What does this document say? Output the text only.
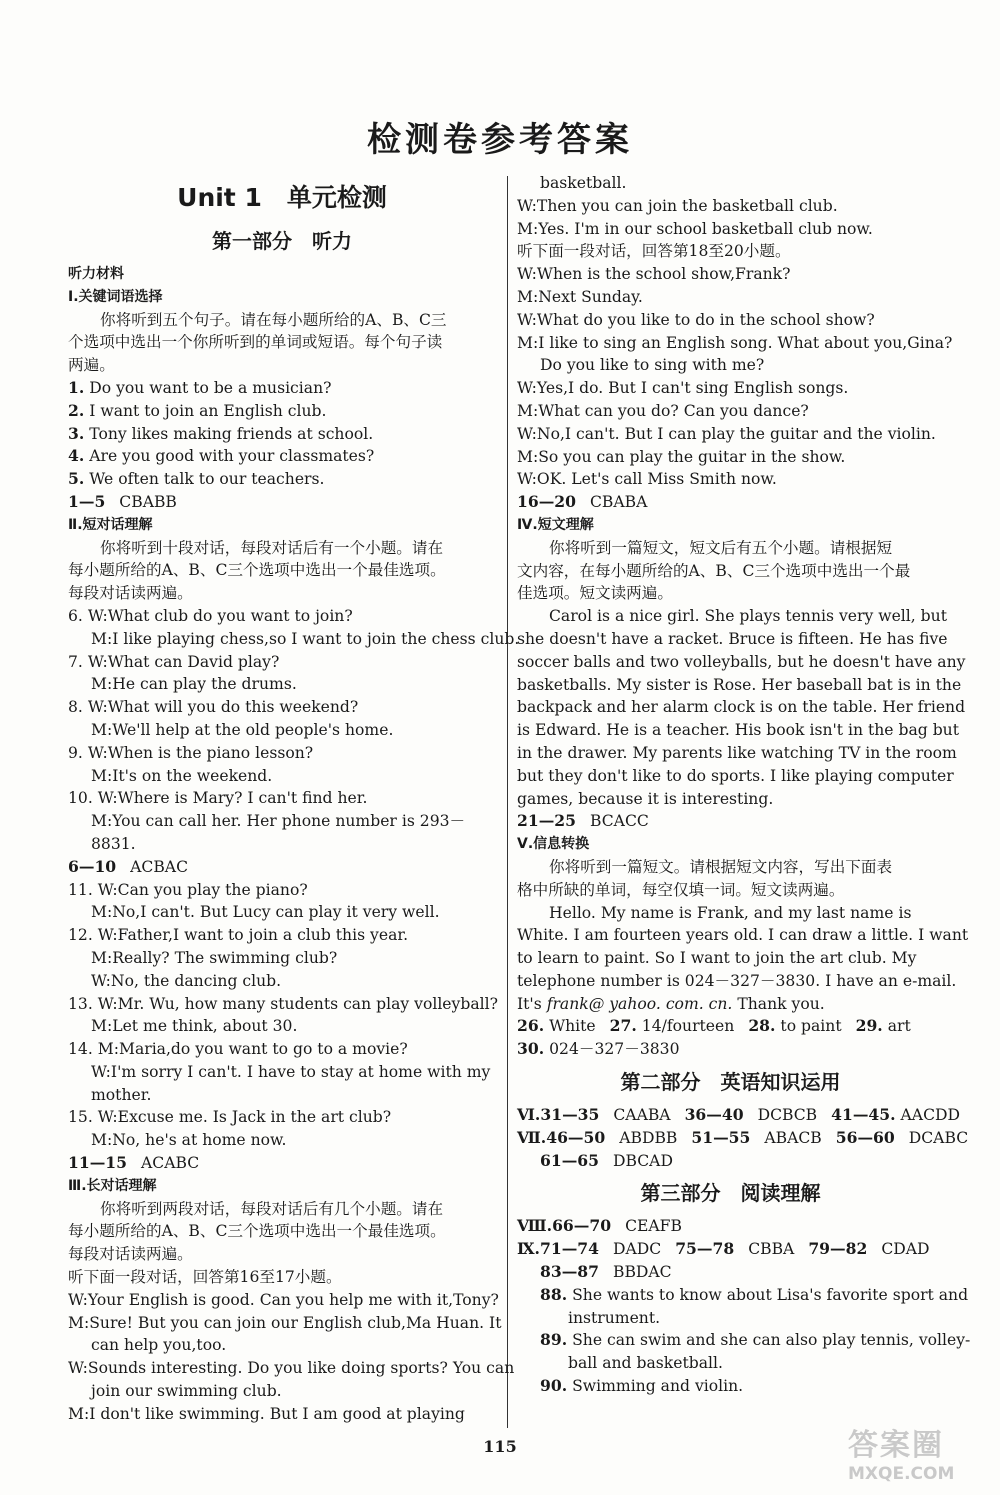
检测卷参考答案
Unit 1　单元检测
第一部分　听力
听力材料
Ⅰ.关键词语选择
你将听到五个句子。请在每小题所给的A、B、C三
个选项中选出一个你所听到的单词或短语。每个句子读
两遍。
1. Do you want to be a musician?
2. I want to join an English club.
3. Tony likes making friends at school.
4. Are you good with your classmates?
5. We often talk to our teachers.
1—5 CBABB
Ⅱ.短对话理解
你将听到十段对话，每段对话后有一个小题。请在
每小题所给的A、B、C三个选项中选出一个最佳选项。
每段对话读两遍。
6. W:What club do you want to join?
M:I like playing chess,so I want to join the chess club.
7. W:What can David play?
M:He can play the drums.
8. W:What will you do this weekend?
M:We'll help at the old people's home.
9. W:When is the piano lesson?
M:It's on the weekend.
10. W:Where is Mary? I can't find her.
M:You can call her. Her phone number is 293－
8831.
6—10 ACBAC
11. W:Can you play the piano?
M:No,I can't. But Lucy can play it very well.
12. W:Father,I want to join a club this year.
M:Really? The swimming club?
W:No, the dancing club.
13. W:Mr. Wu, how many students can play volleyball?
M:Let me think, about 30.
14. M:Maria,do you want to go to a movie?
W:I'm sorry I can't. I have to stay at home with my
mother.
15. W:Excuse me. Is Jack in the art club?
M:No, he's at home now.
11—15 ACABC
Ⅲ.长对话理解
你将听到两段对话，每段对话后有几个小题。请在
每小题所给的A、B、C三个选项中选出一个最佳选项。
每段对话读两遍。
听下面一段对话，回答第16至17小题。
W:Your English is good. Can you help me with it,Tony?
M:Sure! But you can join our English club,Ma Huan. It
can help you,too.
W:Sounds interesting. Do you like doing sports? You can
join our swimming club.
M:I don't like swimming. But I am good at playing
basketball.
W:Then you can join the basketball club.
M:Yes. I'm in our school basketball club now.
听下面一段对话，回答第18至20小题。
W:When is the school show,Frank?
M:Next Sunday.
W:What do you like to do in the school show?
M:I like to sing an English song. What about you,Gina?
Do you like to sing with me?
W:Yes,I do. But I can't sing English songs.
M:What can you do? Can you dance?
W:No,I can't. But I can play the guitar and the violin.
M:So you can play the guitar in the show.
W:OK. Let's call Miss Smith now.
16—20 CBABA
Ⅳ.短文理解
你将听到一篇短文，短文后有五个小题。请根据短
文内容，在每小题所给的A、B、C三个选项中选出一个最
佳选项。短文读两遍。
Carol is a nice girl. She plays tennis very well, but
she doesn't have a racket. Bruce is fifteen. He has five
soccer balls and two volleyballs, but he doesn't have any
basketballs. My sister is Rose. Her baseball bat is in the
backpack and her alarm clock is on the table. Her friend
is Edward. He is a teacher. His book isn't in the bag but
in the drawer. My parents like watching TV in the room
but they don't like to do sports. I like playing computer
games, because it is interesting.
21—25 BCACC
Ⅴ.信息转换
你将听到一篇短文。请根据短文内容，写出下面表
格中所缺的单词，每空仅填一词。短文读两遍。
Hello. My name is Frank, and my last name is
White. I am fourteen years old. I can draw a little. I want
to learn to paint. So I want to join the art club. My
telephone number is 024－327－3830. I have an e-mail.
It's frank@ yahoo. com. cn. Thank you.
26. White 27. 14/fourteen 28. to paint 29. art
30. 024－327－3830
第二部分　英语知识运用
Ⅵ.31—35 CAABA 36—40 DCBCB 41—45. AACDD
Ⅶ.46—50 ABDBB 51—55 ABACB 56—60 DCABC
61—65 DBCAD
第三部分　阅读理解
Ⅷ.66—70 CEAFB
Ⅸ.71—74 DADC 75—78 CBBA 79—82 CDAD
83—87 BBDAC
88. She wants to know about Lisa's favorite sport and
instrument.
89. She can swim and she can also play tennis, volley-
ball and basketball.
90. Swimming and violin.
115	答案圈
MXQE.COM
